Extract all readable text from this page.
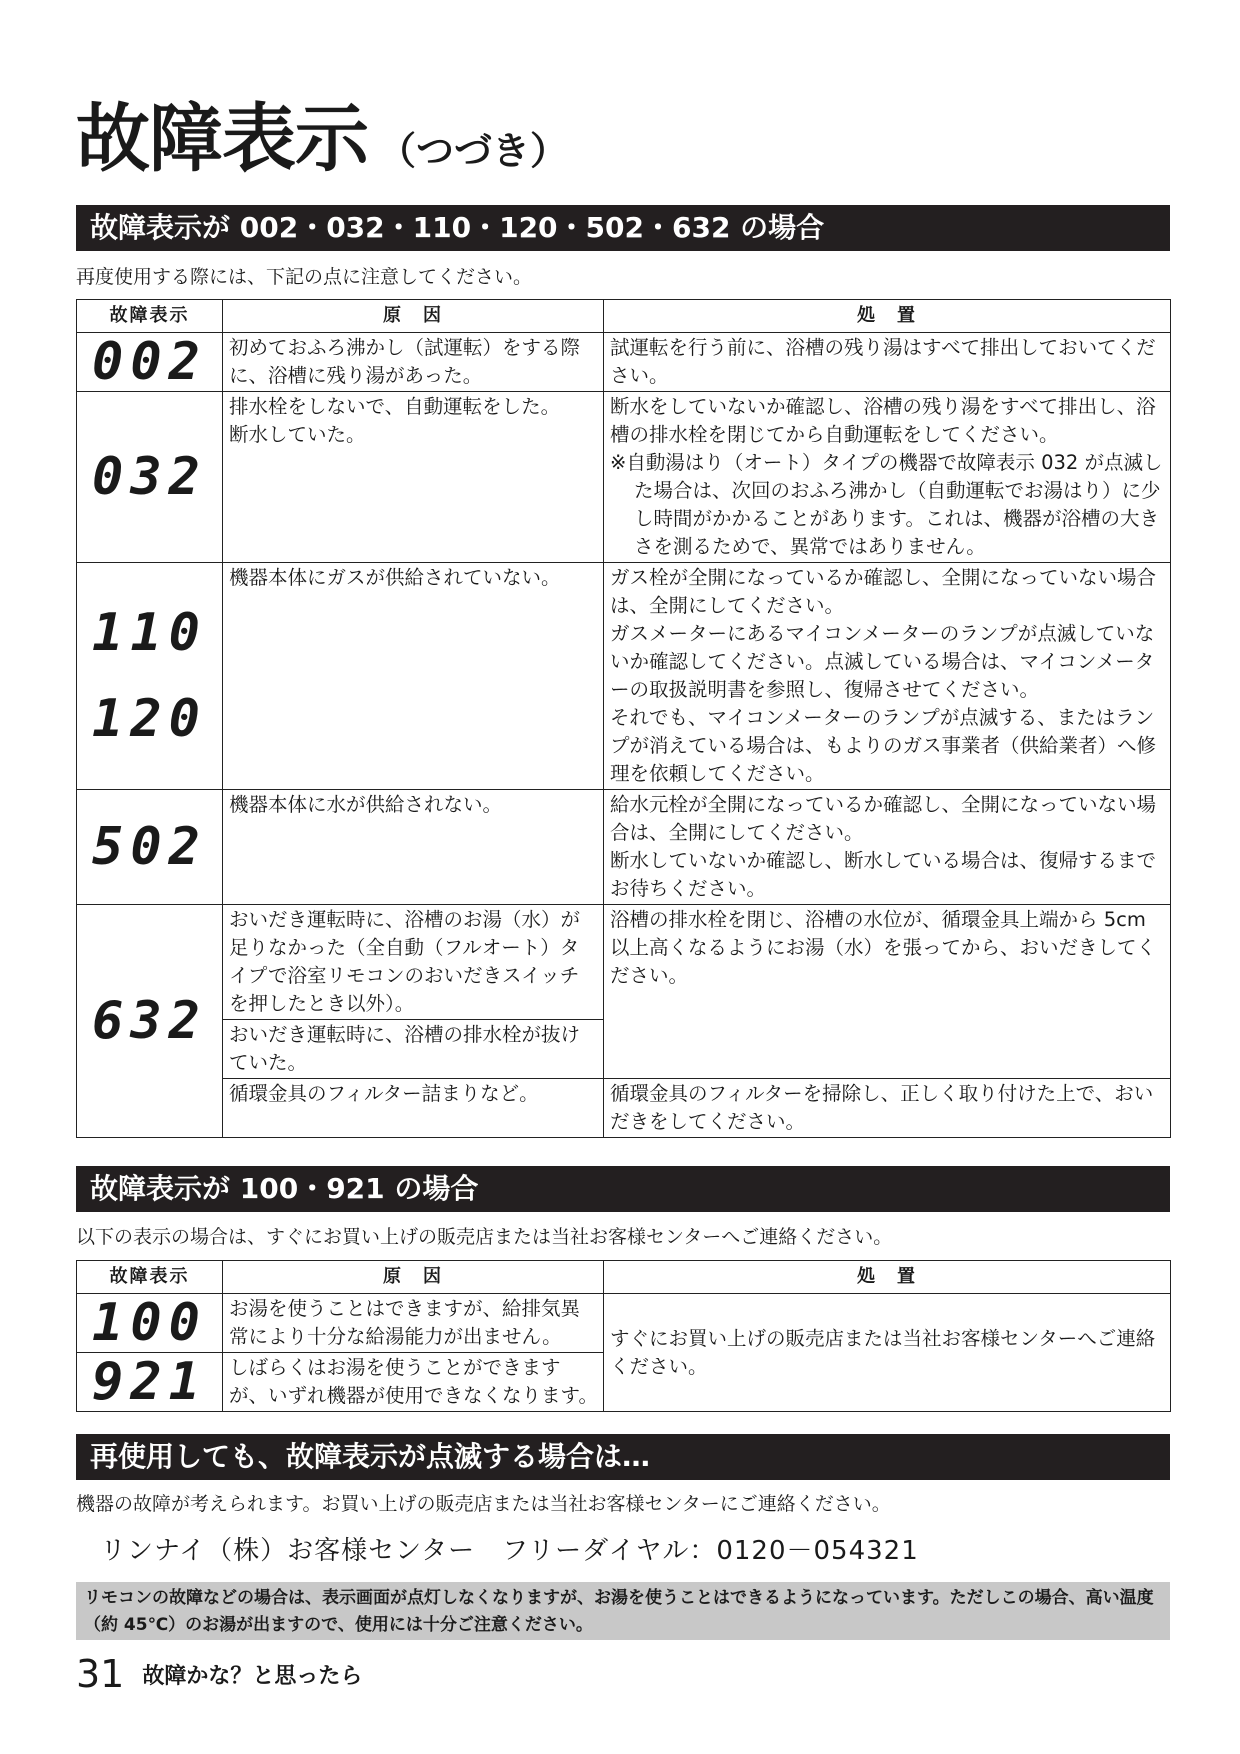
故障表示 （つづき）
故障表示が 002・032・110・120・502・632 の場合
再度使用する際には、下記の点に注意してください。
故障表示	原　因	処　置

002	初めておふろ沸かし（試運転）をする際に、浴槽に残り湯があった。	試運転を行う前に、浴槽の残り湯はすべて排出しておいてください。

032	排水栓をしないで、自動運転をした。
断水していた。	断水をしていないか確認し、浴槽の残り湯をすべて排出し、浴槽の排水栓を閉じてから自動運転をしてください。
※自動湯はり（オート）タイプの機器で故障表示 032 が点滅した場合は、次回のおふろ沸かし（自動運転でお湯はり）に少し時間がかかることがあります。これは、機器が浴槽の大きさを測るためで、異常ではありません。

110
120	機器本体にガスが供給されていない。	ガス栓が全開になっているか確認し、全開になっていない場合は、全開にしてください。
ガスメーターにあるマイコンメーターのランプが点滅していないか確認してください。点滅している場合は、マイコンメーターの取扱説明書を参照し、復帰させてください。
それでも、マイコンメーターのランプが点滅する、またはランプが消えている場合は、もよりのガス事業者（供給業者）へ修理を依頼してください。

502	機器本体に水が供給されない。	給水元栓が全開になっているか確認し、全開になっていない場合は、全開にしてください。
断水していないか確認し、断水している場合は、復帰するまでお待ちください。

632	おいだき運転時に、浴槽のお湯（水）が足りなかった（全自動（フルオート）タイプで浴室リモコンのおいだきスイッチを押したとき以外）。	浴槽の排水栓を閉じ、浴槽の水位が、循環金具上端から 5cm 以上高くなるようにお湯（水）を張ってから、おいだきしてください。
	おいだき運転時に、浴槽の排水栓が抜けていた。	
	循環金具のフィルター詰まりなど。	循環金具のフィルターを掃除し、正しく取り付けた上で、おいだきをしてください。
故障表示が 100・921 の場合
以下の表示の場合は、すぐにお買い上げの販売店または当社お客様センターへご連絡ください。
故障表示	原　因	処　置

100	お湯を使うことはできますが、給排気異常により十分な給湯能力が出ません。	すぐにお買い上げの販売店または当社お客様センターへご連絡ください。

921	しばらくはお湯を使うことができますが、いずれ機器が使用できなくなります。	
再使用しても、故障表示が点滅する場合は…
機器の故障が考えられます。お買い上げの販売店または当社お客様センターにご連絡ください。
リンナイ（株）お客様センター　フリーダイヤル：0120－054321
リモコンの故障などの場合は、表示画面が点灯しなくなりますが、お湯を使うことはできるようになっています。ただしこの場合、高い温度（約 45℃）のお湯が出ますので、使用には十分ご注意ください。
31 故障かな？と思ったら
